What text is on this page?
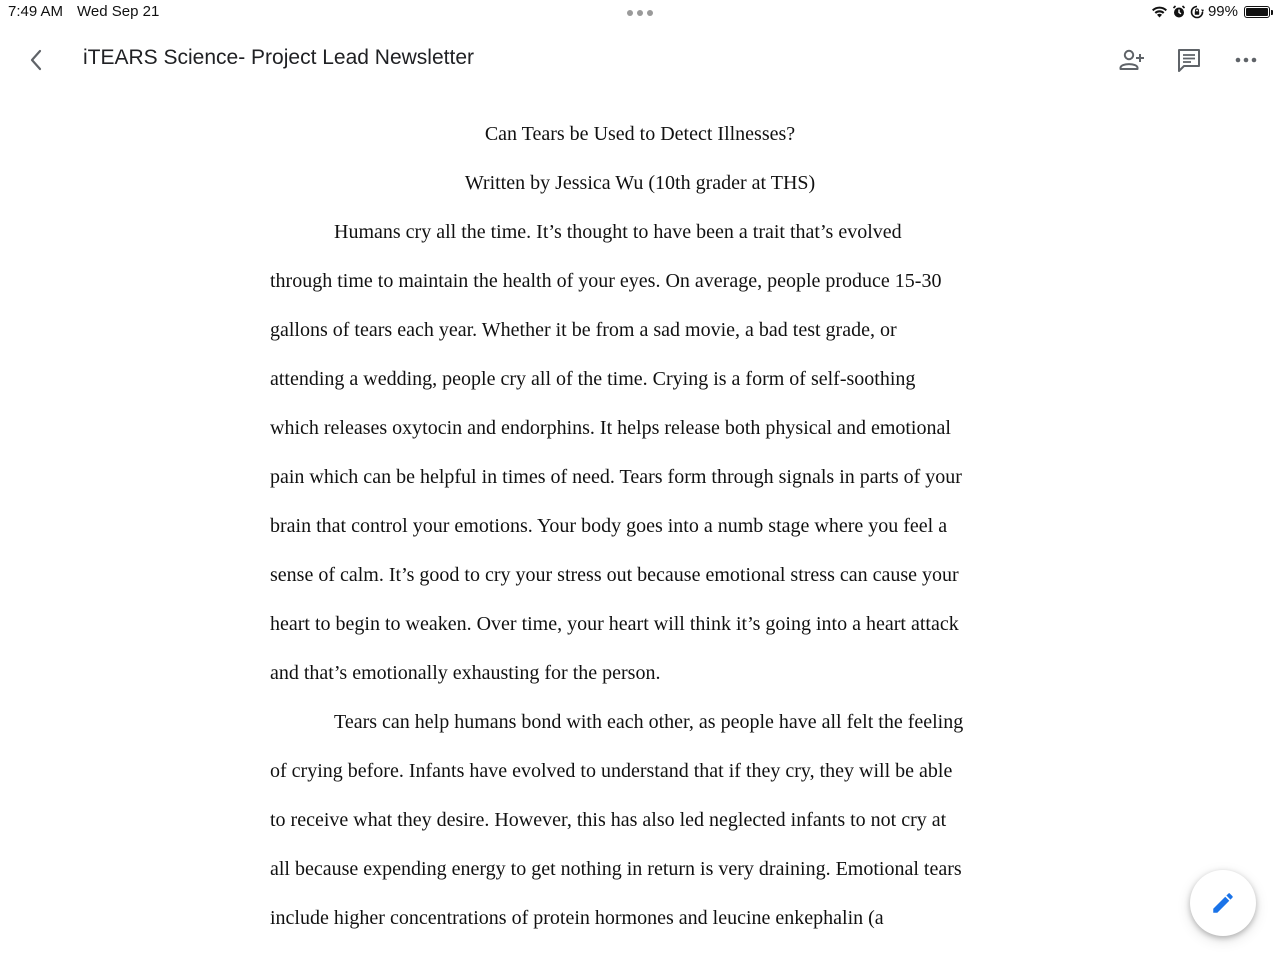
7:49 AM Wed Sep 21	99%
iTEARS Science- Project Lead Newsletter
Can Tears be Used to Detect Illnesses?
Written by Jessica Wu (10th grader at THS)
Humans cry all the time. It’s thought to have been a trait that’s evolved
through time to maintain the health of your eyes. On average, people produce 15-30
gallons of tears each year. Whether it be from a sad movie, a bad test grade, or
attending a wedding, people cry all of the time. Crying is a form of self-soothing
which releases oxytocin and endorphins. It helps release both physical and emotional
pain which can be helpful in times of need. Tears form through signals in parts of your
brain that control your emotions. Your body goes into a numb stage where you feel a
sense of calm. It’s good to cry your stress out because emotional stress can cause your
heart to begin to weaken. Over time, your heart will think it’s going into a heart attack
and that’s emotionally exhausting for the person.
Tears can help humans bond with each other, as people have all felt the feeling
of crying before. Infants have evolved to understand that if they cry, they will be able
to receive what they desire. However, this has also led neglected infants to not cry at
all because expending energy to get nothing in return is very draining. Emotional tears
include higher concentrations of protein hormones and leucine enkephalin (a
